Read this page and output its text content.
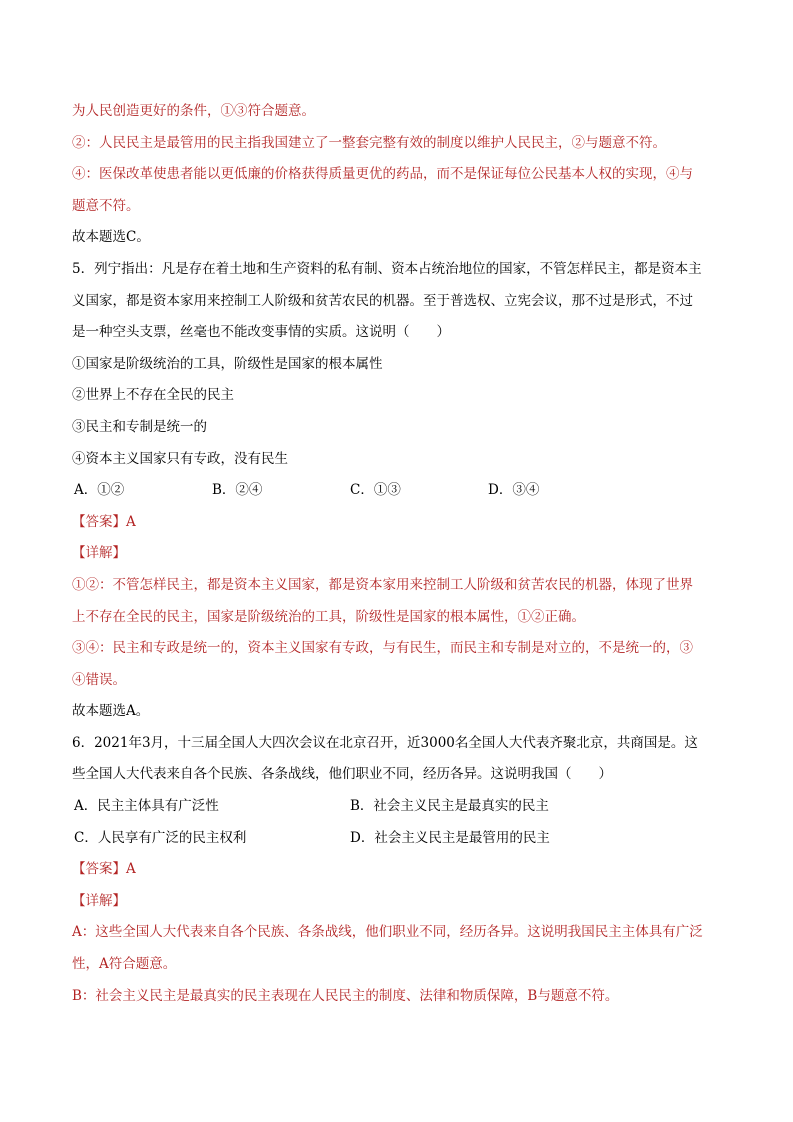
为人民创造更好的条件，①③符合题意。
②：人民民主是最管用的民主指我国建立了一整套完整有效的制度以维护人民民主，②与题意不符。
④：医保改革使患者能以更低廉的价格获得质量更优的药品，而不是保证每位公民基本人权的实现，④与
题意不符。
故本题选C。
5．列宁指出：凡是存在着土地和生产资料的私有制、资本占统治地位的国家，不管怎样民主，都是资本主
义国家，都是资本家用来控制工人阶级和贫苦农民的机器。至于普选权、立宪会议，那不过是形式，不过
是一种空头支票，丝毫也不能改变事情的实质。这说明（　　）
①国家是阶级统治的工具，阶级性是国家的根本属性
②世界上不存在全民的民主
③民主和专制是统一的
④资本主义国家只有专政，没有民生
A．①②	B．②④	C．①③	D．③④
【答案】A
【详解】
①②：不管怎样民主，都是资本主义国家，都是资本家用来控制工人阶级和贫苦农民的机器，体现了世界
上不存在全民的民主，国家是阶级统治的工具，阶级性是国家的根本属性，①②正确。
③④：民主和专政是统一的，资本主义国家有专政，与有民生，而民主和专制是对立的，不是统一的，③
④错误。
故本题选A。
6．2021年3月，十三届全国人大四次会议在北京召开，近3000名全国人大代表齐聚北京，共商国是。这
些全国人大代表来自各个民族、各条战线，他们职业不同，经历各异。这说明我国（　　）
A．民主主体具有广泛性	B．社会主义民主是最真实的民主
C．人民享有广泛的民主权利	D．社会主义民主是最管用的民主
【答案】A
【详解】
A：这些全国人大代表来自各个民族、各条战线，他们职业不同，经历各异。这说明我国民主主体具有广泛
性，A符合题意。
B：社会主义民主是最真实的民主表现在人民民主的制度、法律和物质保障，B与题意不符。
